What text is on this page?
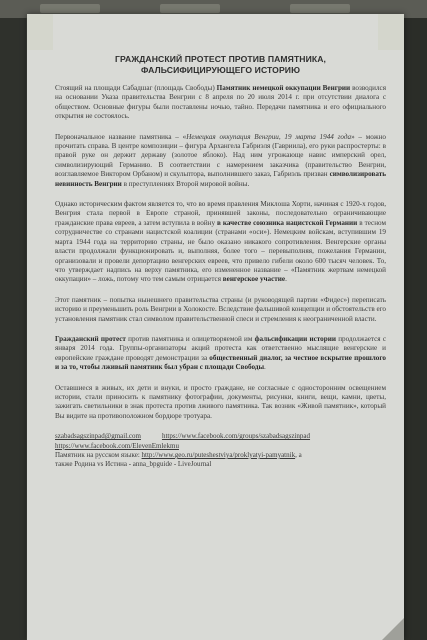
ГРАЖДАНСКИЙ ПРОТЕСТ ПРОТИВ ПАМЯТНИКА,
ФАЛЬСИФИЦИРУЮЩЕГО ИСТОРИЮ

Стоящий на площади Сабадшаг (площадь Свободы) Памятник немецкой оккупации Венгрии возводился на основании Указа правительства Венгрии с 8 апреля по 20 июля 2014 г. при отсутствии диалога с обществом. Основные фигуры были поставлены ночью, тайно. Передачи памятника и его официального открытия не состоялось.

Первоначальное название памятника – «Немецкая оккупация Венгрии, 19 марта 1944 года» – можно прочитать справа. В центре композиции – фигура Архангела Габриэля (Гавриила), его руки распростерты: в правой руке он держит державу (золотое яблоко). Над ним угрожающе навис имперский орел, символизирующий Германию. В соответствии с намерением заказчика (правительство Венгрии, возглавляемое Виктором Орбаном) и скульптора, выполнившего заказ, Габриэль призван символизировать невинность Венгрии в преступлениях Второй мировой войны.

Однако историческим фактом является то, что во время правления Миклоша Хорти, начиная с 1920-х годов, Венгрия стала первой в Европе страной, принявшей законы, последовательно ограничивающие гражданские права евреев, а затем вступила в войну в качестве союзника нацистской Германии в тесном сотрудничестве со странами нацистской коалиции (странами «оси»). Немецким войскам, вступившим 19 марта 1944 года на территорию страны, не было оказано никакого сопротивления. Венгерские органы власти продолжали функционировать и, выполняя, более того – перевыполняя, пожелания Германии, организовали и провели депортацию венгерских евреев, что привело гибели около 600 тысяч человек. То, что утверждает надпись на верху памятника, его измененное название – «Памятник жертвам немецкой оккупации» – ложь, потому что тем самым отрицается венгерское участие.

Этот памятник – попытка нынешнего правительства страны (и руководящей партии «Фидес») переписать историю и преуменьшить роль Венгрии в Холокосте. Вследствие фальшивой концепции и обстоятельств его установления памятник стал символом правительственной спеси и стремления к неограниченной власти.

Гражданский протест против памятника и олицетворяемой им фальсификации истории продолжается с января 2014 года. Группы-организаторы акций протеста как ответственно мыслящие венгерские и европейские граждане проводят демонстрации за общественный диалог, за честное вскрытие прошлого и за то, чтобы лживый памятник был убран с площади Свободы.

Оставшиеся в живых, их дети и внуки, и просто граждане, не согласные с односторонним освещением истории, стали приносить к памятнику фотографии, документы, рисунки, книги, вещи, камни, цветы, зажигать светильники в знак протеста против лживого памятника. Так возник «Живой памятник», который Вы видите на противоположном бордюре тротуара.

szabadsagszinpad@gmail.com	https://www.facebook.com/groups/szabadsagszinpad
https://www.facebook.com/ElevenEmlekmu
Памятник на русском языке: http://www.geo.ru/puteshestviya/proklyatyi-pamyatnik, а
также Родина vs Истина - anna_bpguide - LiveJournal
